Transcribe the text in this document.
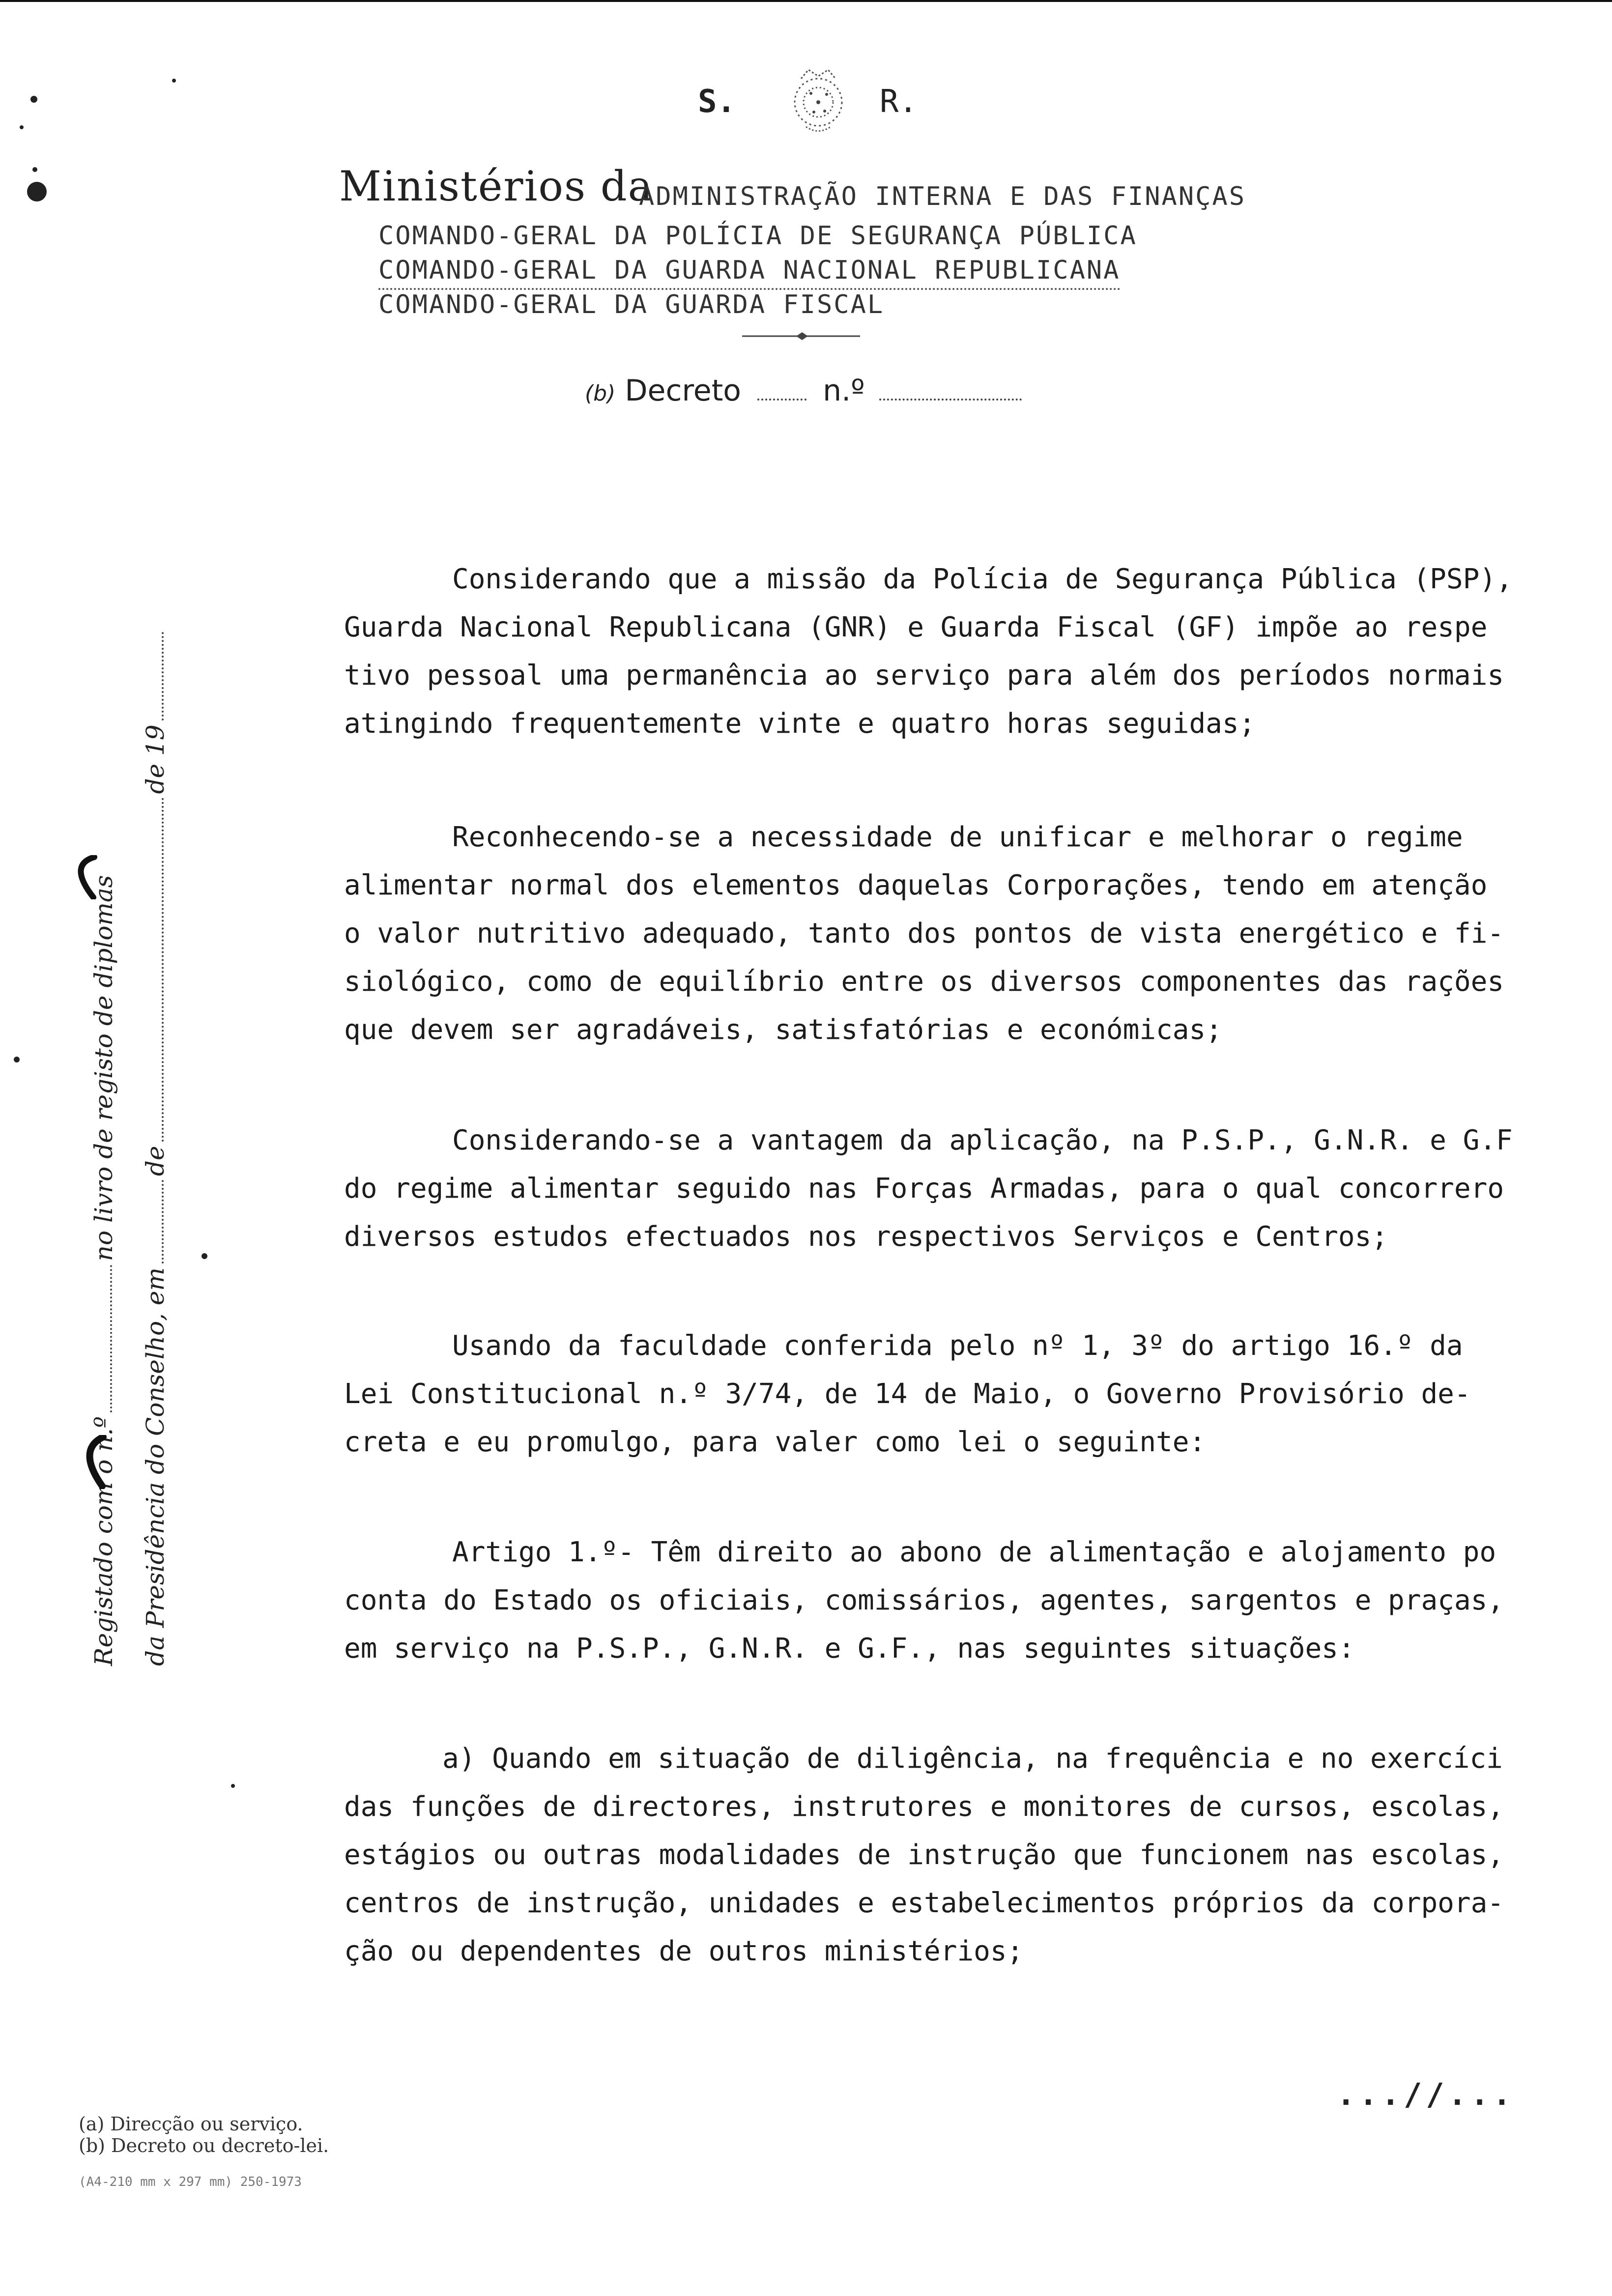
S.	R.
Ministérios da
ADMINISTRAÇÃO INTERNA E DAS FINANÇAS
COMANDO-GERAL DA POLÍCIA DE SEGURANÇA PÚBLICA
COMANDO-GERAL DA GUARDA NACIONAL REPUBLICANA
COMANDO-GERAL DA GUARDA FISCAL
(b) Decreto	n.º
Registado com o n.º
no livro de registo de diplomas
da Presidência do Conselho, em
de
de 19

Considerando que a missão da Polícia de Segurança Pública (PSP),

Guarda Nacional Republicana (GNR) e Guarda Fiscal (GF) impõe ao respe

tivo pessoal uma permanência ao serviço para além dos períodos normais

atingindo frequentemente vinte e quatro horas seguidas;

Reconhecendo-se a necessidade de unificar e melhorar o regime

alimentar normal dos elementos daquelas Corporações, tendo em atenção

o valor nutritivo adequado, tanto dos pontos de vista energético e fi-

siológico, como de equilíbrio entre os diversos componentes das rações

que devem ser agradáveis, satisfatórias e económicas;

Considerando-se a vantagem da aplicação, na P.S.P., G.N.R. e G.F

do regime alimentar seguido nas Forças Armadas, para o qual concorrero

diversos estudos efectuados nos respectivos Serviços e Centros;

Usando da faculdade conferida pelo nº 1, 3º do artigo 16.º da

Lei Constitucional n.º 3/74, de 14 de Maio, o Governo Provisório de-

creta e eu promulgo, para valer como lei o seguinte:

Artigo 1.º- Têm direito ao abono de alimentação e alojamento po

conta do Estado os oficiais, comissários, agentes, sargentos e praças,

em serviço na P.S.P., G.N.R. e G.F., nas seguintes situações:

a) Quando em situação de diligência, na frequência e no exercíci

das funções de directores, instrutores e monitores de cursos, escolas,

estágios ou outras modalidades de instrução que funcionem nas escolas,

centros de instrução, unidades e estabelecimentos próprios da corpora-

ção ou dependentes de outros ministérios;

...//...
(a) Direcção ou serviço.
(b) Decreto ou decreto-lei.
(A4-210 mm x 297 mm) 250-1973
